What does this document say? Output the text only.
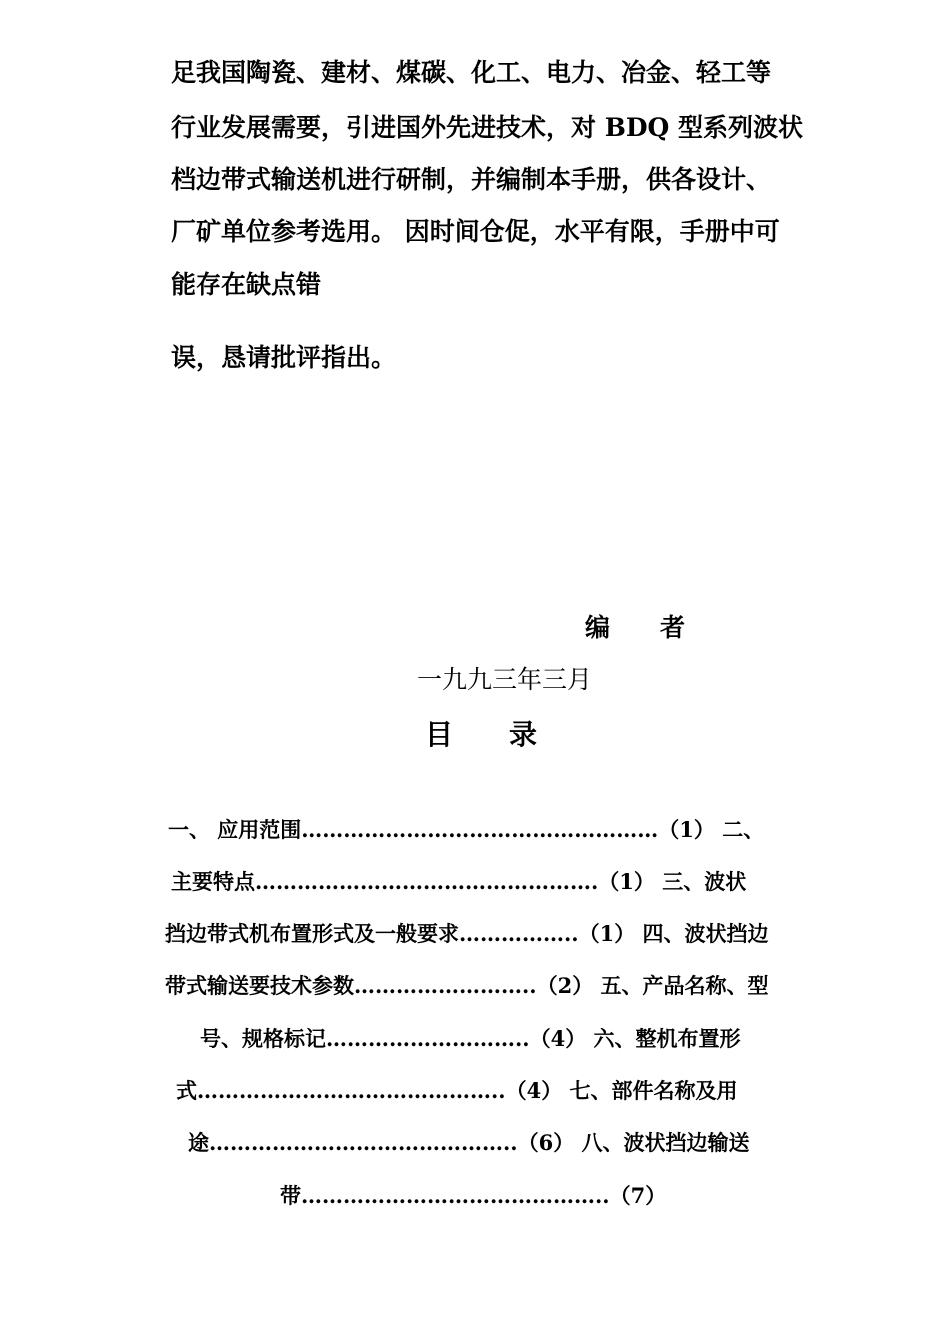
足我国陶瓷、建材、煤碳、化工、电力、冶金、轻工等
行业发展需要，引进国外先进技术，对 BDQ 型系列波状
档边带式输送机进行研制，并编制本手册，供各设计、
厂矿单位参考选用。 因时间仓促，水平有限，手册中可
能存在缺点错
误，恳请批评指出。
编　　者
一九九三年三月
目　　录
一、 应用范围……………………………………………（1） 二、
主要特点………………………………………….（1） 三、波状
挡边带式机布置形式及一般要求……………..（1） 四、波状挡边
带式输送要技术参数……………………..（2） 五、产品名称、型
号、规格标记………………………..（4） 六、整机布置形
式……………………………………..（4） 七、部件名称及用
途……………………………………..（6） 八、波状挡边输送
带……………………………………..（7）
